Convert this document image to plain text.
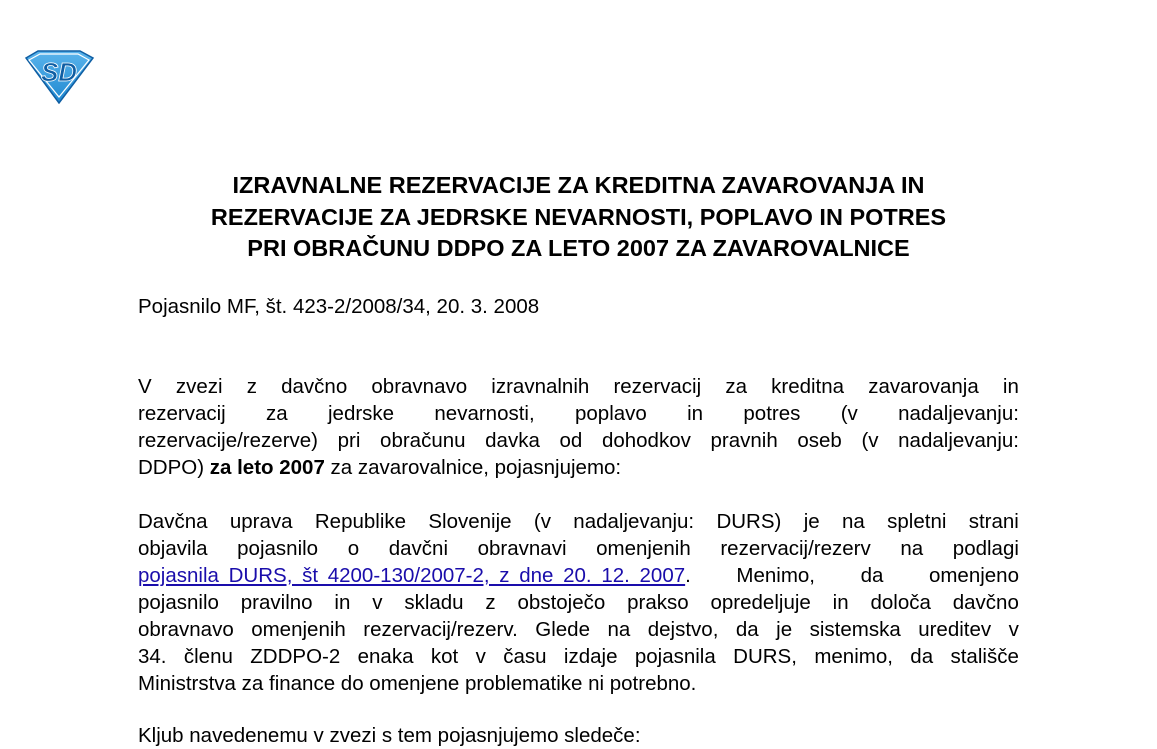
SD
IZRAVNALNE REZERVACIJE ZA KREDITNA ZAVAROVANJA IN
REZERVACIJE ZA JEDRSKE NEVARNOSTI, POPLAVO IN POTRES
PRI OBRAČUNU DDPO ZA LETO 2007 ZA ZAVAROVALNICE
Pojasnilo MF, št. 423-2/2008/34, 20. 3. 2008
V zvezi z davčno obravnavo izravnalnih rezervacij za kreditna zavarovanja in
rezervacij za jedrske nevarnosti, poplavo in potres (v nadaljevanju:
rezervacije/rezerve) pri obračunu davka od dohodkov pravnih oseb (v nadaljevanju:
DDPO) za leto 2007 za zavarovalnice, pojasnjujemo:
Davčna uprava Republike Slovenije (v nadaljevanju: DURS) je na spletni strani
objavila pojasnilo o davčni obravnavi omenjenih rezervacij/rezerv na podlagi
pojasnila DURS, št 4200-130/2007-2, z dne 20. 12. 2007. Menimo, da omenjeno
pojasnilo pravilno in v skladu z obstoječo prakso opredeljuje in določa davčno
obravnavo omenjenih rezervacij/rezerv. Glede na dejstvo, da je sistemska ureditev v
34. členu ZDDPO-2 enaka kot v času izdaje pojasnila DURS, menimo, da stališče
Ministrstva za finance do omenjene problematike ni potrebno.
Kljub navedenemu v zvezi s tem pojasnjujemo sledeče:
